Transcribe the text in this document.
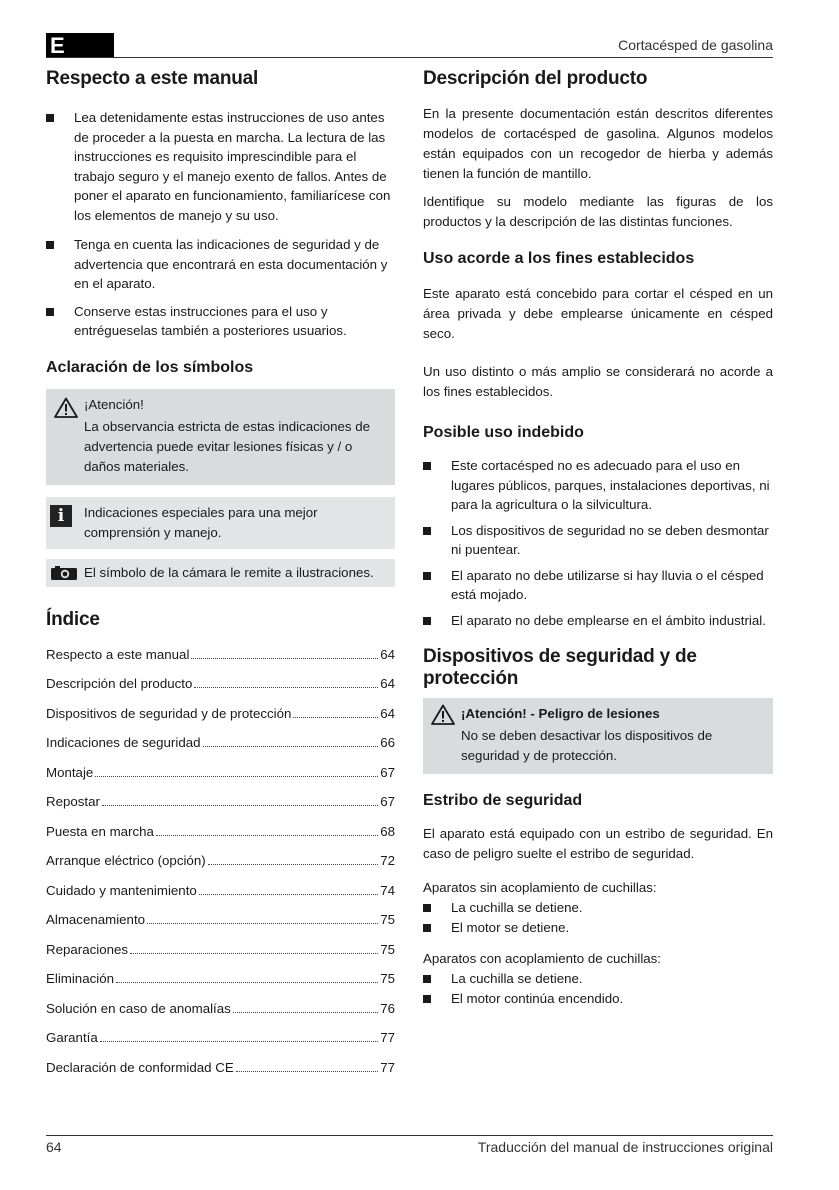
E	Cortacésped de gasolina
Respecto a este manual
Lea detenidamente estas instrucciones de uso antes de proceder a la puesta en marcha. La lectura de las instrucciones es requisito imprescindible para el trabajo seguro y el manejo exento de fallos. Antes de poner el aparato en funcionamiento, familiarícese con los elementos de manejo y su uso.
Tenga en cuenta las indicaciones de seguridad y de advertencia que encontrará en esta documentación y en el aparato.
Conserve estas instrucciones para el uso y entrégueselas también a posteriores usuarios.
Aclaración de los símbolos
¡Atención!
La observancia estricta de estas indicaciones de advertencia puede evitar lesiones físicas y / o daños materiales.
i	Indicaciones especiales para una mejor comprensión y manejo.

El símbolo de la cámara le remite a ilustraciones.
Índice
Respecto a este manual	64
Descripción del producto	64
Dispositivos de seguridad y de protección	64
Indicaciones de seguridad	66
Montaje	67
Repostar	67
Puesta en marcha	68
Arranque eléctrico (opción)	72
Cuidado y mantenimiento	74
Almacenamiento	75
Reparaciones	75
Eliminación	75
Solución en caso de anomalías	76
Garantía	77
Declaración de conformidad CE	77
Descripción del producto

En la presente documentación están descritos diferentes modelos de cortacésped de gasolina. Algunos modelos están equipados con un recogedor de hierba y además tienen la función de mantillo.

Identifique su modelo mediante las figuras de los productos y la descripción de las distintas funciones.

Uso acorde a los fines establecidos

Este aparato está concebido para cortar el césped en un área privada y debe emplearse únicamente en césped seco.

Un uso distinto o más amplio se considerará no acorde a los fines establecidos.

Posible uso indebido
Este cortacésped no es adecuado para el uso en lugares públicos, parques, instalaciones deportivas, ni para la agricultura o la silvicultura.
Los dispositivos de seguridad no se deben desmontar ni puentear.
El aparato no debe utilizarse si hay lluvia o el césped está mojado.
El aparato no debe emplearse en el ámbito industrial.
Dispositivos de seguridad y de protección
¡Atención! - Peligro de lesiones
No se deben desactivar los dispositivos de seguridad y de protección.
Estribo de seguridad

El aparato está equipado con un estribo de seguridad. En caso de peligro suelte el estribo de seguridad.

Aparatos sin acoplamiento de cuchillas:

La cuchilla se detiene.
El motor se detiene.

Aparatos con acoplamiento de cuchillas:

La cuchilla se detiene.
El motor continúa encendido.
64	Traducción del manual de instrucciones original
